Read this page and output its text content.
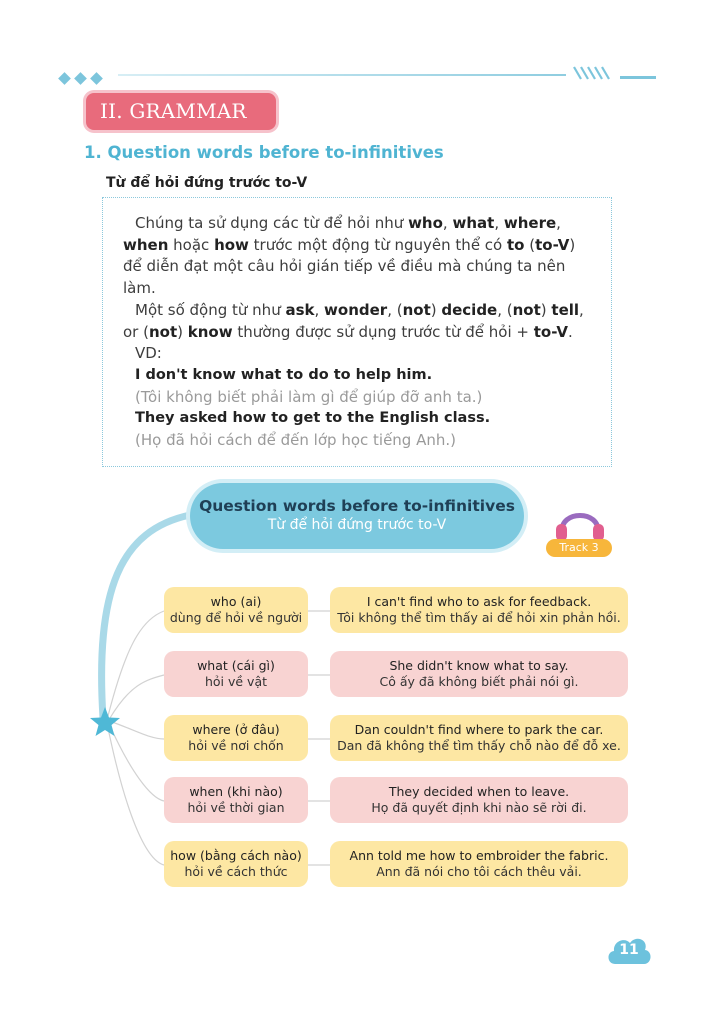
II. GRAMMAR
1. Question words before to-infinitives
Từ để hỏi đứng trước to-V

Chúng ta sử dụng các từ để hỏi như who, what, where, when hoặc how trước một động từ nguyên thể có to (to-V) để diễn đạt một câu hỏi gián tiếp về điều mà chúng ta nên làm.

Một số động từ như ask, wonder, (not) decide, (not) tell, or (not) know thường được sử dụng trước từ để hỏi + to-V.

VD:

I don't know what to do to help him.

(Tôi không biết phải làm gì để giúp đỡ anh ta.)

They asked how to get to the English class.

(Họ đã hỏi cách để đến lớp học tiếng Anh.)

Question words before to-infinitives
Từ để hỏi đứng trước to-V
Track 3
who (ai)
dùng để hỏi về người
I can't find who to ask for feedback.
Tôi không thể tìm thấy ai để hỏi xin phản hồi.
what (cái gì)
hỏi về vật
She didn't know what to say.
Cô ấy đã không biết phải nói gì.
where (ở đâu)
hỏi về nơi chốn
Dan couldn't find where to park the car.
Dan đã không thể tìm thấy chỗ nào để đỗ xe.
when (khi nào)
hỏi về thời gian
They decided when to leave.
Họ đã quyết định khi nào sẽ rời đi.
how (bằng cách nào)
hỏi về cách thức
Ann told me how to embroider the fabric.
Ann đã nói cho tôi cách thêu vải.
11
